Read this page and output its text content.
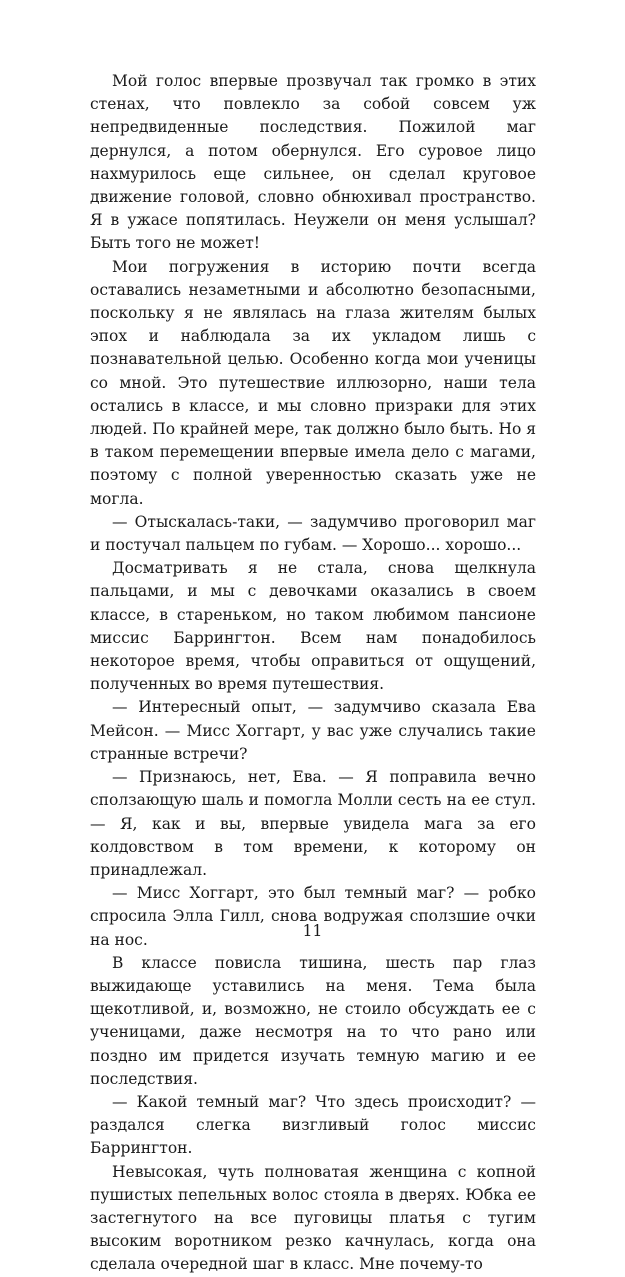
Мой голос впервые прозвучал так громко в этих стенах, что повлекло за собой совсем уж непредвиденные последствия. Пожилой маг дернулся, а потом обернулся. Его суровое лицо нахмурилось еще сильнее, он сделал круговое движение головой, словно обнюхивал пространство. Я в ужасе попятилась. Неужели он меня услышал? Быть того не может!

Мои погружения в историю почти всегда оставались незаметными и абсолютно безопасными, поскольку я не являлась на глаза жителям былых эпох и наблюдала за их укладом лишь с познавательной целью. Особенно когда мои ученицы со мной. Это путешествие иллюзорно, наши тела остались в классе, и мы словно призраки для этих людей. По крайней мере, так должно было быть. Но я в таком перемещении впервые имела дело с магами, поэтому с полной уверенностью сказать уже не могла.

— Отыскалась-таки, — задумчиво проговорил маг и постучал пальцем по губам. — Хорошо... хорошо...

Досматривать я не стала, снова щелкнула пальцами, и мы с девочками оказались в своем классе, в стареньком, но таком любимом пансионе миссис Баррингтон. Всем нам понадобилось некоторое время, чтобы оправиться от ощущений, полученных во время путешествия.

— Интересный опыт, — задумчиво сказала Ева Мейсон. — Мисс Хоггарт, у вас уже случались такие странные встречи?

— Признаюсь, нет, Ева. — Я поправила вечно сползающую шаль и помогла Молли сесть на ее стул. — Я, как и вы, впервые увидела мага за его колдовством в том времени, к которому он принадлежал.

— Мисс Хоггарт, это был темный маг? — робко спросила Элла Гилл, снова водружая сползшие очки на нос.

В классе повисла тишина, шесть пар глаз выжидающе уставились на меня. Тема была щекотливой, и, возможно, не стоило обсуждать ее с ученицами, даже несмотря на то что рано или поздно им придется изучать темную магию и ее последствия.

— Какой темный маг? Что здесь происходит? — раздался слегка визгливый голос миссис Баррингтон.

Невысокая, чуть полноватая женщина с копной пушистых пепельных волос стояла в дверях. Юбка ее застегнутого на все пуговицы платья с тугим высоким воротником резко качнулась, когда она сделала очередной шаг в класс. Мне почему-то

11
